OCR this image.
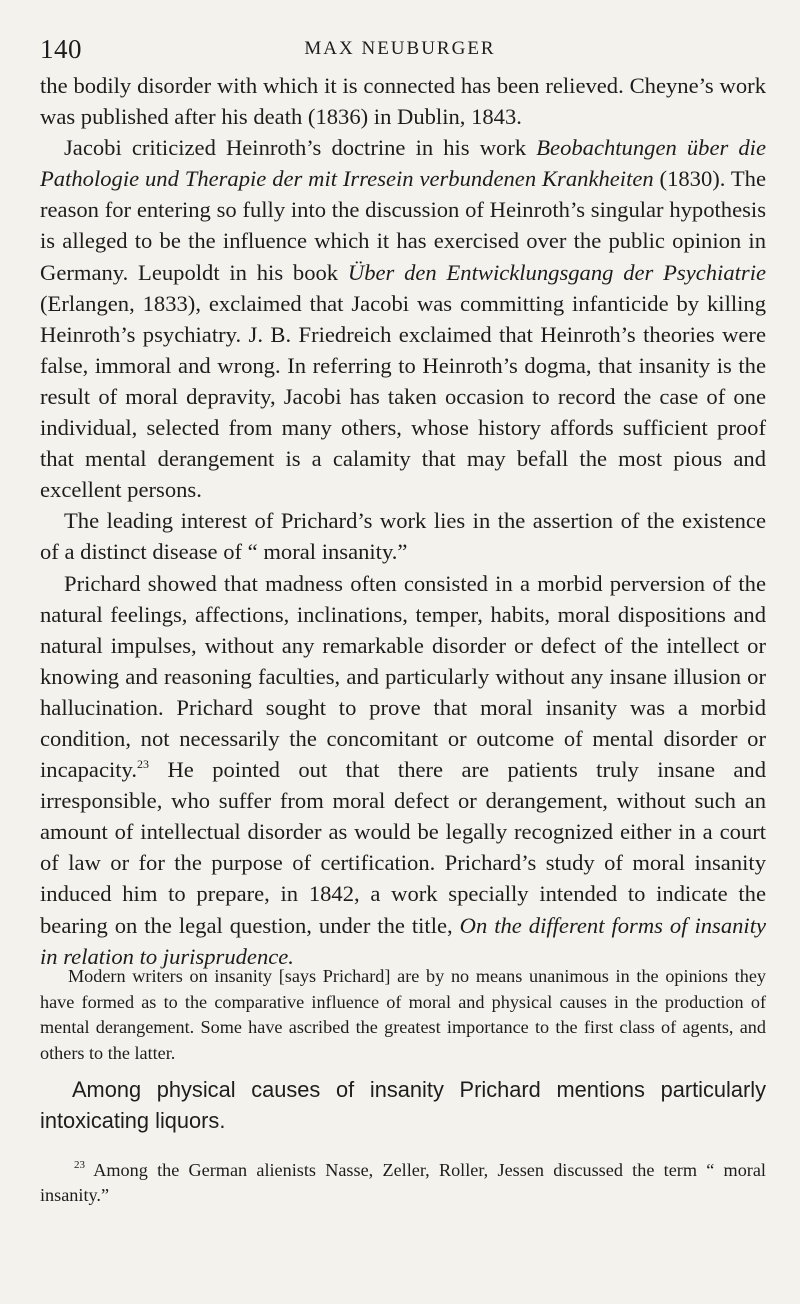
140	MAX NEUBURGER

the bodily disorder with which it is connected has been relieved. Cheyne’s work was published after his death (1836) in Dublin, 1843.

Jacobi criticized Heinroth’s doctrine in his work Beobachtungen über die Pathologie und Therapie der mit Irresein verbundenen Krankheiten (1830). The reason for entering so fully into the discussion of Heinroth’s singular hypothesis is alleged to be the influence which it has exercised over the public opinion in Germany. Leupoldt in his book Über den Entwicklungsgang der Psychiatrie (Erlangen, 1833), exclaimed that Jacobi was committing infanticide by killing Heinroth’s psychiatry. J. B. Friedreich exclaimed that Heinroth’s theories were false, immoral and wrong. In referring to Heinroth’s dogma, that insanity is the result of moral depravity, Jacobi has taken occasion to record the case of one individual, selected from many others, whose history affords sufficient proof that mental derangement is a calamity that may befall the most pious and excellent persons.

The leading interest of Prichard’s work lies in the assertion of the existence of a distinct disease of “ moral insanity.”

Prichard showed that madness often consisted in a morbid perversion of the natural feelings, affections, inclinations, temper, habits, moral dispositions and natural impulses, without any remarkable disorder or defect of the intellect or knowing and reasoning faculties, and particularly without any insane illusion or hallucination. Prichard sought to prove that moral insanity was a morbid condition, not necessarily the concomitant or outcome of mental disorder or incapacity.$^{23}$ He pointed out that there are patients truly insane and irresponsible, who suffer from moral defect or derangement, without such an amount of intellectual disorder as would be legally recognized either in a court of law or for the purpose of certification. Prichard’s study of moral insanity induced him to prepare, in 1842, a work specially intended to indicate the bearing on the legal question, under the title, On the different forms of insanity in relation to jurisprudence.

Modern writers on insanity [says Prichard] are by no means unanimous in the opinions they have formed as to the comparative influence of moral and physical causes in the production of mental derangement. Some have ascribed the greatest importance to the first class of agents, and others to the latter.
Among physical causes of insanity Prichard mentions particularly intoxicating liquors.
$^{23}$ Among the German alienists Nasse, Zeller, Roller, Jessen discussed the term “ moral insanity.”
